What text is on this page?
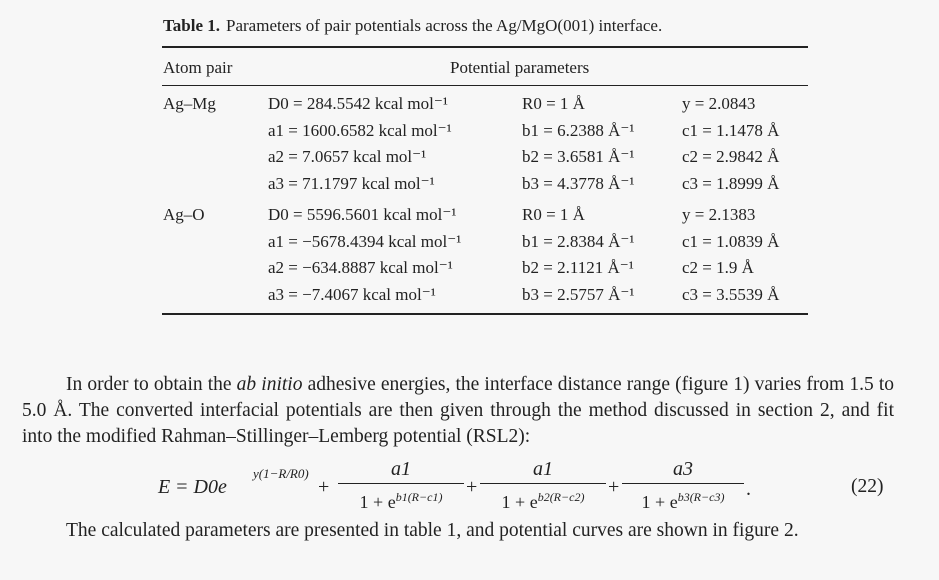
Table 1. Parameters of pair potentials across the Ag/MgO(001) interface.
Atom pair	Potential parameters
Ag–Mg	D0 = 284.5542 kcal mol⁻¹	R0 = 1 Å	y = 2.0843
a1 = 1600.6582 kcal mol⁻¹	b1 = 6.2388 Å⁻¹	c1 = 1.1478 Å
a2 = 7.0657 kcal mol⁻¹	b2 = 3.6581 Å⁻¹	c2 = 2.9842 Å
a3 = 71.1797 kcal mol⁻¹	b3 = 4.3778 Å⁻¹	c3 = 1.8999 Å
Ag–O	D0 = 5596.5601 kcal mol⁻¹	R0 = 1 Å	y = 2.1383
a1 = −5678.4394 kcal mol⁻¹	b1 = 2.8384 Å⁻¹	c1 = 1.0839 Å
a2 = −634.8887 kcal mol⁻¹	b2 = 2.1121 Å⁻¹	c2 = 1.9 Å
a3 = −7.4067 kcal mol⁻¹	b3 = 2.5757 Å⁻¹	c3 = 3.5539 Å
In order to obtain the ab initio adhesive energies, the interface distance range (figure 1) varies from 1.5 to 5.0 Å. The converted interfacial potentials are then given through the method discussed in section 2, and fit into the modified Rahman–Stillinger–Lemberg potential (RSL2):
E = D0e
y(1−R/R0)
+
a1
$1 + e^{b1(R-c1)}$	+
a1
$1 + e^{b2(R-c2)}$	+
a3
$1 + e^{b3(R-c3)}$	.	(22)
The calculated parameters are presented in table 1, and potential curves are shown in figure 2.
